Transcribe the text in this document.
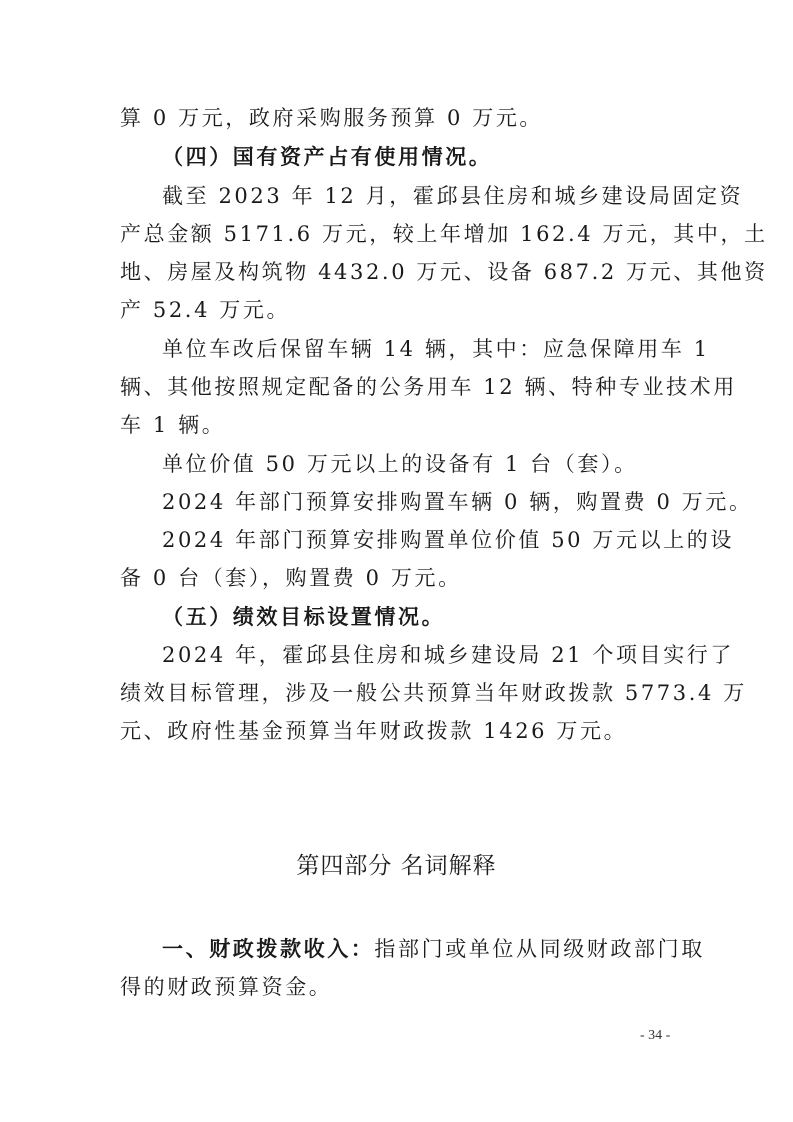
算 0 万元，政府采购服务预算 0 万元。
（四）国有资产占有使用情况。
截至 2023 年 12 月，霍邱县住房和城乡建设局固定资
产总金额 5171.6 万元，较上年增加 162.4 万元，其中，土
地、房屋及构筑物 4432.0 万元、设备 687.2 万元、其他资
产 52.4 万元。
单位车改后保留车辆 14 辆，其中：应急保障用车 1
辆、其他按照规定配备的公务用车 12 辆、特种专业技术用
车 1 辆。
单位价值 50 万元以上的设备有 1 台（套）。
2024 年部门预算安排购置车辆 0 辆，购置费 0 万元。
2024 年部门预算安排购置单位价值 50 万元以上的设
备 0 台（套），购置费 0 万元。
（五）绩效目标设置情况。
2024 年，霍邱县住房和城乡建设局 21 个项目实行了
绩效目标管理，涉及一般公共预算当年财政拨款 5773.4 万
元、政府性基金预算当年财政拨款 1426 万元。
第四部分 名词解释
一、财政拨款收入：指部门或单位从同级财政部门取
得的财政预算资金。
- 34 -
